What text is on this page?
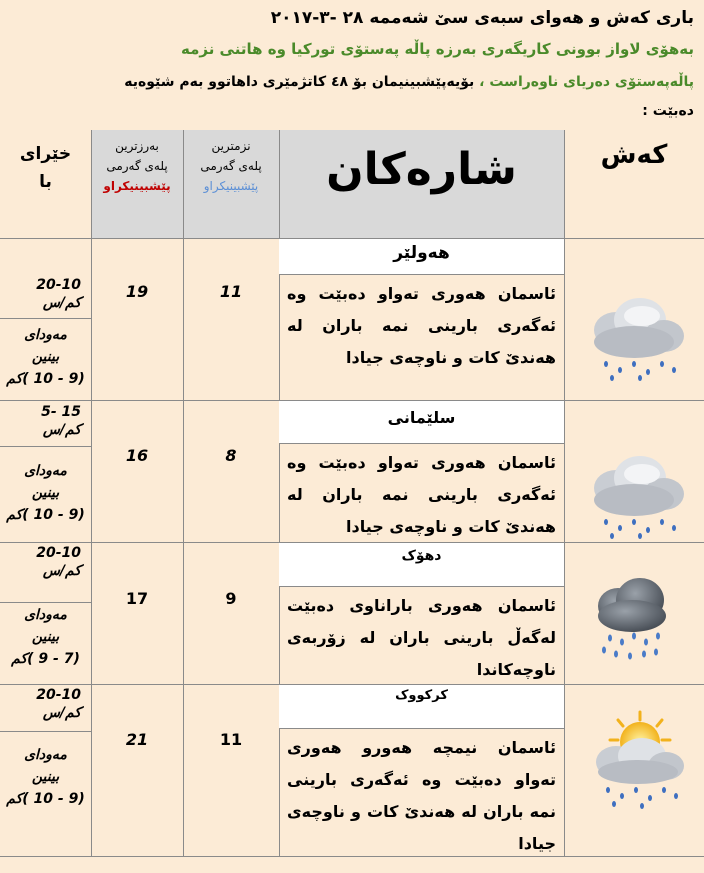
باری کەش و هەوای سبەی سێ شەممە ٢٨ -٣-٢٠١٧
بەهۆی لاواز بوونی کاریگەری بەرزە پاڵە پەستۆی تورکیا وە هاتنی نزمە
پاڵەپەستۆی دەریای ناوەراست ، بۆیەپێشبینیمان بۆ ٤٨ کاتژمێری داهاتوو بەم شێوەیە
دەبێت :
کەش
شارەکان
نزمترین
پلەی گەرمی
پێشبینیکراو
بەرزترین
پلەی گەرمی
پێشبینیکراو
خێرای
با
هەولێر
ئاسمان هەوری تەواو دەبێت وە ئەگەری بارینی نمە باران لە هەندێ کات و ناوچەی جیادا
11
19
20-10
کم/س
مەودای
بینین
(9 - 10 )کم
سلێمانی
ئاسمان هەوری تەواو دەبێت وە ئەگەری بارینی نمە باران لە هەندێ کات و ناوچەی جیادا
8
16
15 -5
کم/س
مەودای
بینین
(9 - 10 )کم
دهۆک
ئاسمان هەوری باراناوی دەبێت لەگەڵ بارینی باران لە زۆربەی ناوچەکاندا
9
17
20-10
کم/س
مەودای
بینین
(7 - 9 )کم
کرکووک
ئاسمان نیمچە هەورو هەوری تەواو دەبێت وە ئەگەری بارینی نمە باران لە هەندێ کات و ناوچەی جیادا
11
21
20-10
کم/س
مەودای
بینین
(9 - 10 )کم
